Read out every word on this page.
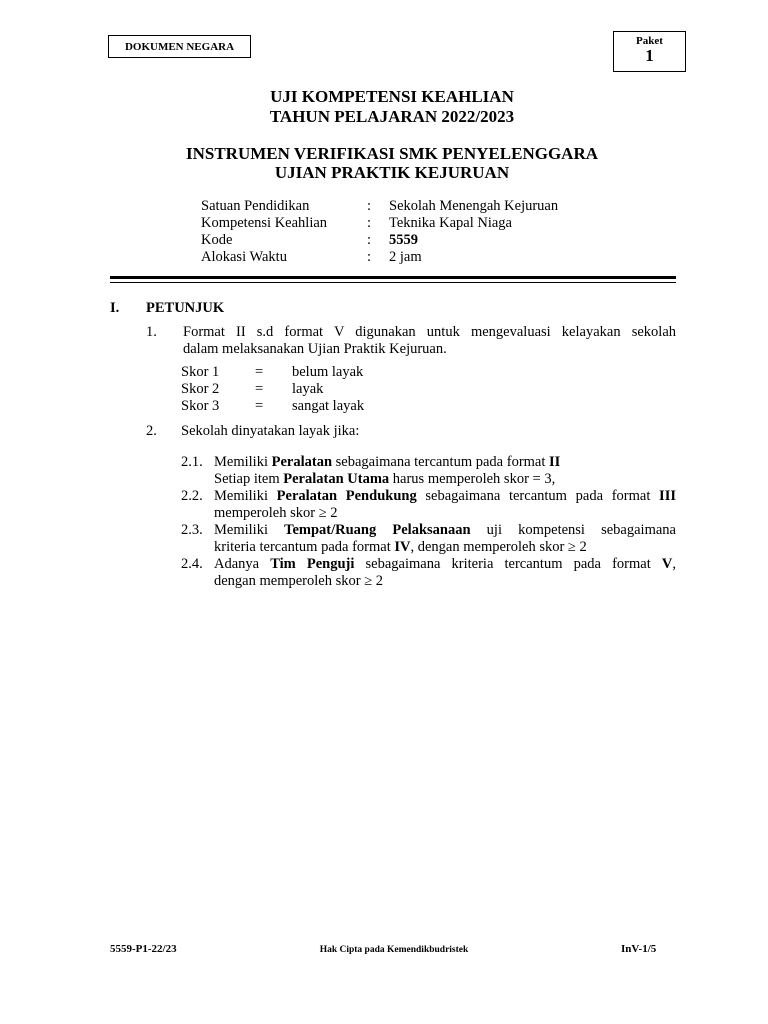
DOKUMEN NEGARA	Paket
1
UJI KOMPETENSI KEAHLIAN
TAHUN PELAJARAN 2022/2023
INSTRUMEN VERIFIKASI SMK PENYELENGGARA
UJIAN PRAKTIK KEJURUAN
Satuan Pendidikan	: Sekolah Menengah Kejuruan
Kompetensi Keahlian	: Teknika Kapal Niaga
Kode	: 5559
Alokasi Waktu	: 2 jam
I. PETUNJUK
1. Format II s.d format V digunakan untuk mengevaluasi kelayakan sekolah
dalam melaksanakan Ujian Praktik Kejuruan.
Skor 1 = belum layak
Skor 2 = layak
Skor 3 = sangat layak
2. Sekolah dinyatakan layak jika:
2.1. Memiliki Peralatan sebagaimana tercantum pada format II
Setiap item Peralatan Utama harus memperoleh skor = 3,
2.2. Memiliki Peralatan Pendukung sebagaimana tercantum pada format III
memperoleh skor ≥ 2
2.3. Memiliki Tempat/Ruang Pelaksanaan uji kompetensi sebagaimana
kriteria tercantum pada format IV, dengan memperoleh skor ≥ 2
2.4. Adanya Tim Penguji sebagaimana kriteria tercantum pada format V,
dengan memperoleh skor ≥ 2
5559-P1-22/23	Hak Cipta pada Kemendikbudristek	InV-1/5
